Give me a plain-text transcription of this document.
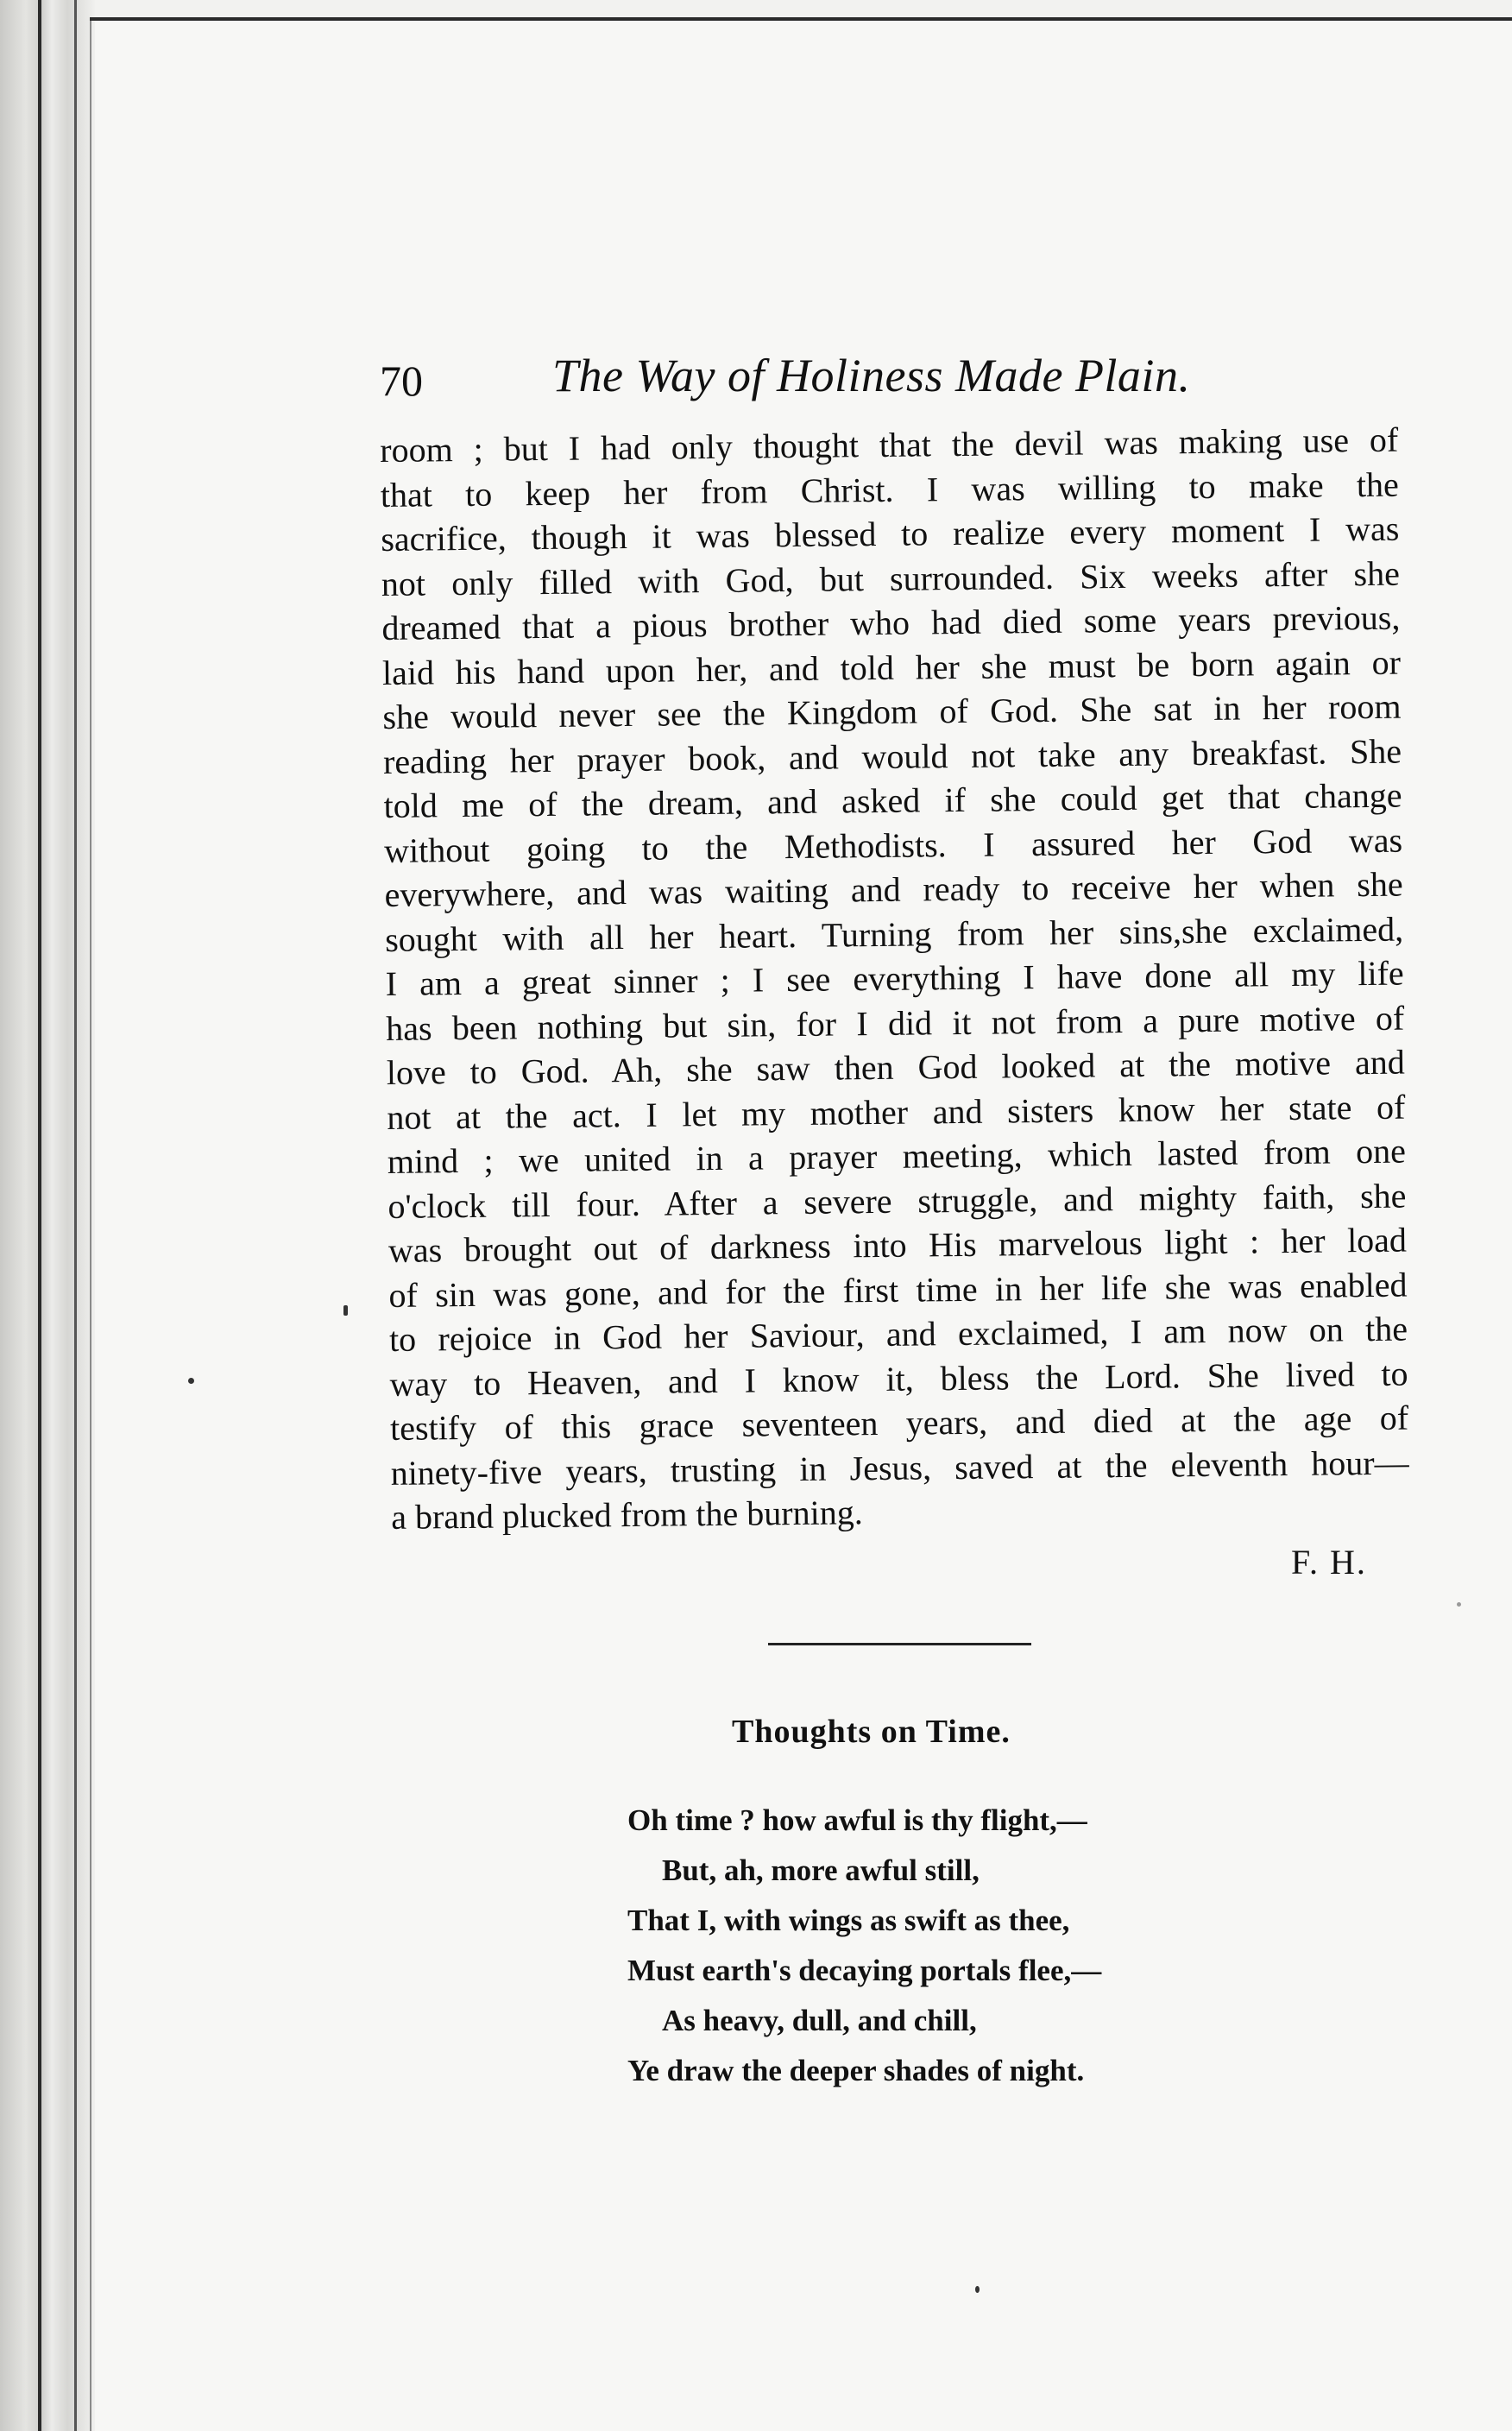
70	The Way of Holiness Made Plain.
room ; but I had only thought that the devil was making use of
that to keep her from Christ. I was willing to make the
sacrifice, though it was blessed to realize every moment I was
not only filled with God, but surrounded. Six weeks after she
dreamed that a pious brother who had died some years previous,
laid his hand upon her, and told her she must be born again or
she would never see the Kingdom of God. She sat in her room
reading her prayer book, and would not take any breakfast. She
told me of the dream, and asked if she could get that change
without going to the Methodists. I assured her God was
everywhere, and was waiting and ready to receive her when she
sought with all her heart. Turning from her sins,she exclaimed,
I am a great sinner ; I see everything I have done all my life
has been nothing but sin, for I did it not from a pure motive of
love to God. Ah, she saw then God looked at the motive and
not at the act. I let my mother and sisters know her state of
mind ; we united in a prayer meeting, which lasted from one
o'clock till four. After a severe struggle, and mighty faith, she
was brought out of darkness into His marvelous light : her load
of sin was gone, and for the first time in her life she was enabled
to rejoice in God her Saviour, and exclaimed, I am now on the
way to Heaven, and I know it, bless the Lord. She lived to
testify of this grace seventeen years, and died at the age of
ninety-five years, trusting in Jesus, saved at the eleventh hour—
a brand plucked from the burning.
F. H.
Thoughts on Time.
Oh time ? how awful is thy flight,—
But, ah, more awful still,
That I, with wings as swift as thee,
Must earth's decaying portals flee,—
As heavy, dull, and chill,
Ye draw the deeper shades of night.
